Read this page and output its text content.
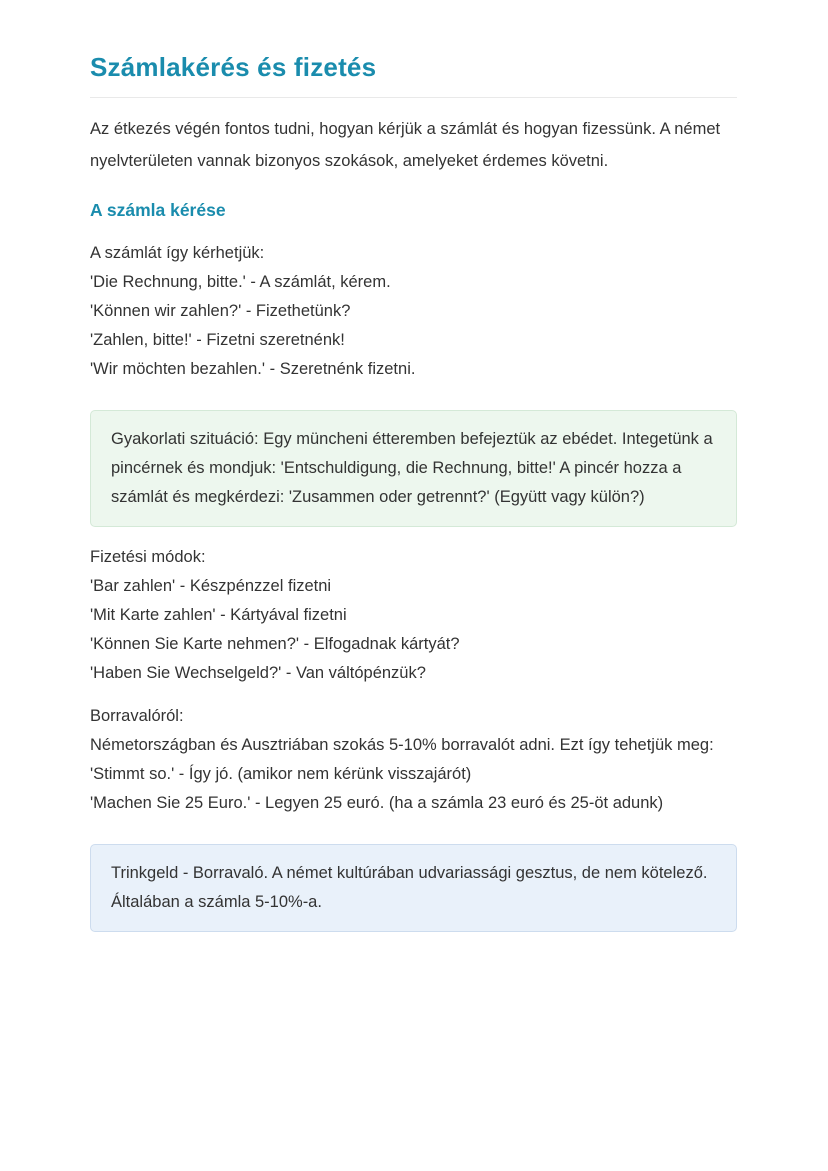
Számlakérés és fizetés

Az étkezés végén fontos tudni, hogyan kérjük a számlát és hogyan fizessünk. A német nyelvterületen vannak bizonyos szokások, amelyeket érdemes követni.

A számla kérése

A számlát így kérhetjük:

'Die Rechnung, bitte.' - A számlát, kérem.

'Können wir zahlen?' - Fizethetünk?

'Zahlen, bitte!' - Fizetni szeretnénk!

'Wir möchten bezahlen.' - Szeretnénk fizetni.

Gyakorlati szituáció: Egy müncheni étteremben befejeztük az ebédet. Integetünk a pincérnek és mondjuk: 'Entschuldigung, die Rechnung, bitte!' A pincér hozza a számlát és megkérdezi: 'Zusammen oder getrennt?' (Együtt vagy külön?)

Fizetési módok:

'Bar zahlen' - Készpénzzel fizetni

'Mit Karte zahlen' - Kártyával fizetni

'Können Sie Karte nehmen?' - Elfogadnak kártyát?

'Haben Sie Wechselgeld?' - Van váltópénzük?

Borravalóról:

Németországban és Ausztriában szokás 5-10% borravalót adni. Ezt így tehetjük meg:

'Stimmt so.' - Így jó. (amikor nem kérünk visszajárót)

'Machen Sie 25 Euro.' - Legyen 25 euró. (ha a számla 23 euró és 25-öt adunk)

Trinkgeld - Borravaló. A német kultúrában udvariassági gesztus, de nem kötelező. Általában a számla 5-10%-a.
